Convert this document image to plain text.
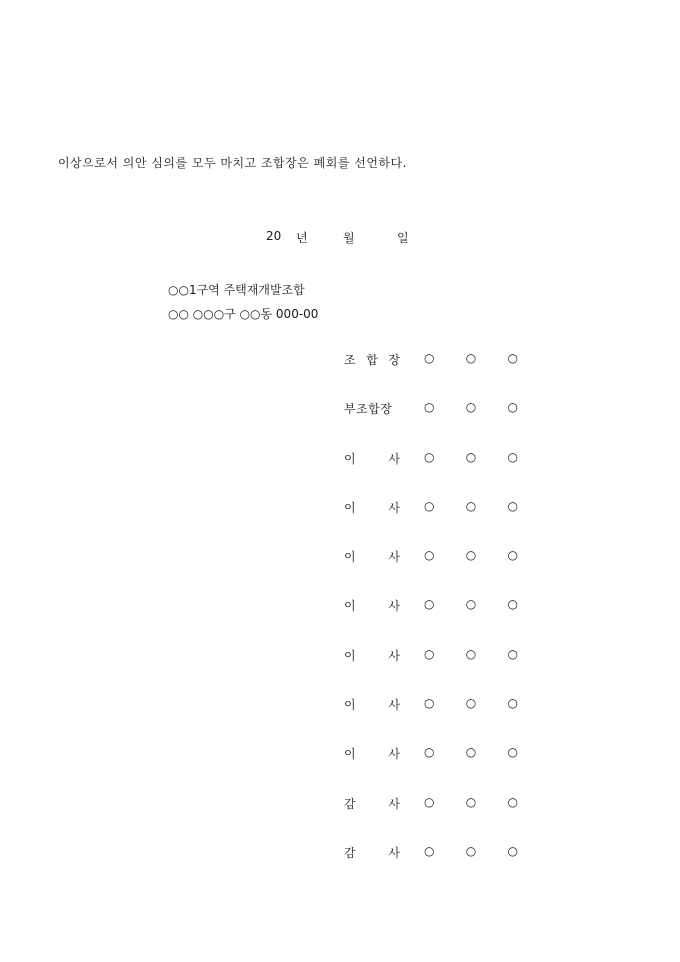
이상으로서 의안 심의를 모두 마치고 조합장은 폐회를 선언하다.
20 년	월	일
○○1구역 주택재개발조합
○○ ○○○구 ○○동 000-00
조 합 장 ○	○	○
부조합장	○	○	○
이	사 ○	○	○
이	사 ○	○	○
이	사 ○	○	○
이	사 ○	○	○
이	사 ○	○	○
이	사 ○	○	○
이	사 ○	○	○
감	사 ○	○	○
감	사 ○	○	○
